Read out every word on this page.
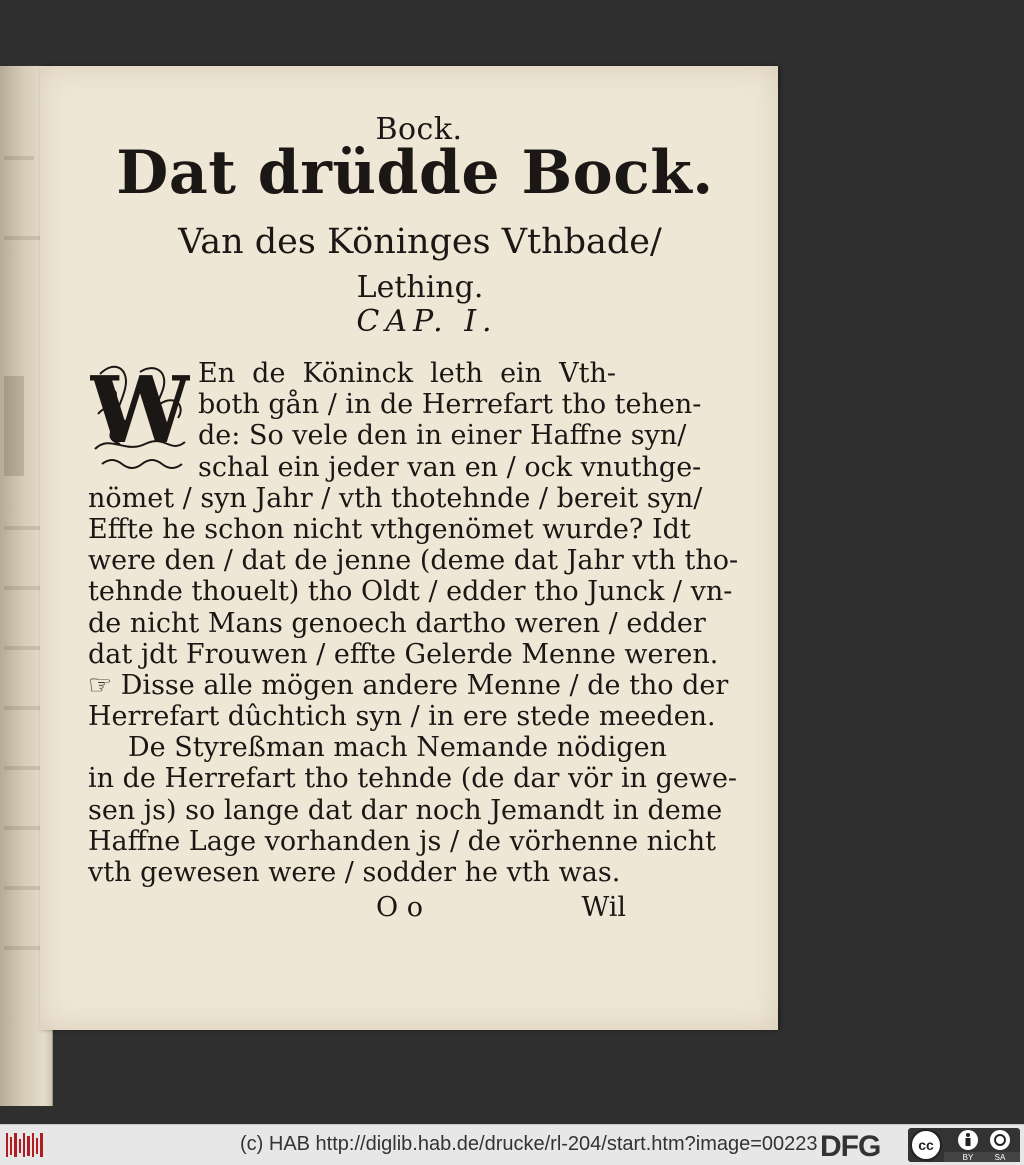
Bock.
Dat drüdde Bock.
Van des Köninges Vthbade/
Lething.
CAP. I.
W En de Köninck leth ein Vth-
both gån / in de Herrefart tho tehen-
de: So vele den in einer Haffne syn/
schal ein jeder van en / ock vnuthge-
nömet / syn Jahr / vth thotehnde / bereit syn/
Effte he schon nicht vthgenömet wurde? Idt
were den / dat de jenne (deme dat Jahr vth tho-
tehnde thouelt) tho Oldt / edder tho Junck / vn-
de nicht Mans genoech dartho weren / edder
dat jdt Frouwen / effte Gelerde Menne weren.
☞ Disse alle mögen andere Menne / de tho der
Herrefart dûchtich syn / in ere stede meeden.
De Styreßman mach Nemande nödigen
in de Herrefart tho tehnde (de dar vör in gewe-
sen js) so lange dat dar noch Jemandt in deme
Haffne Lage vorhanden js / de vörhenne nicht
vth gewesen were / sodder he vth was.
O o	Wil
(c) HAB http://diglib.hab.de/drucke/rl-204/start.htm?image=00223 DFG	cc
BY	SA
